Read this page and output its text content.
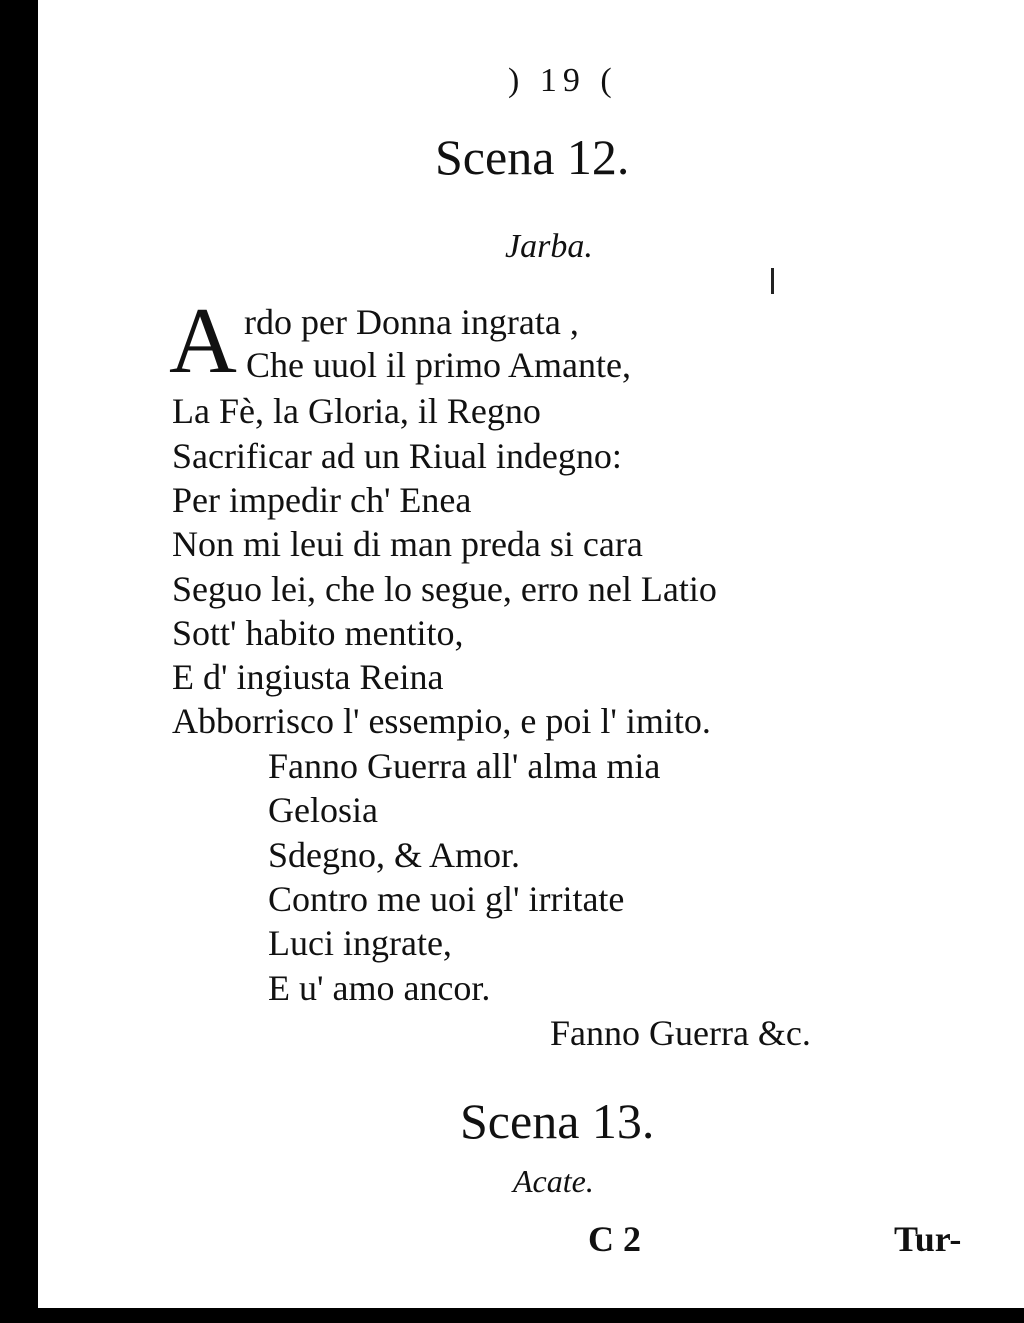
) 19 (
Scena 12.
Jarba.
A rdo per Donna ingrata ,
Che uuol il primo Amante,
La Fè, la Gloria, il Regno
Sacrificar ad un Riual indegno:
Per impedir ch' Enea
Non mi leui di man preda si cara
Seguo lei, che lo segue, erro nel Latio
Sott' habito mentito,
E d' ingiusta Reina
Abborrisco l' essempio, e poi l' imito.
Fanno Guerra all' alma mia
Gelosia
Sdegno, & Amor.
Contro me uoi gl' irritate
Luci ingrate,
E u' amo ancor.
Fanno Guerra &c.
Scena 13.
Acate.
C 2	Tur-
